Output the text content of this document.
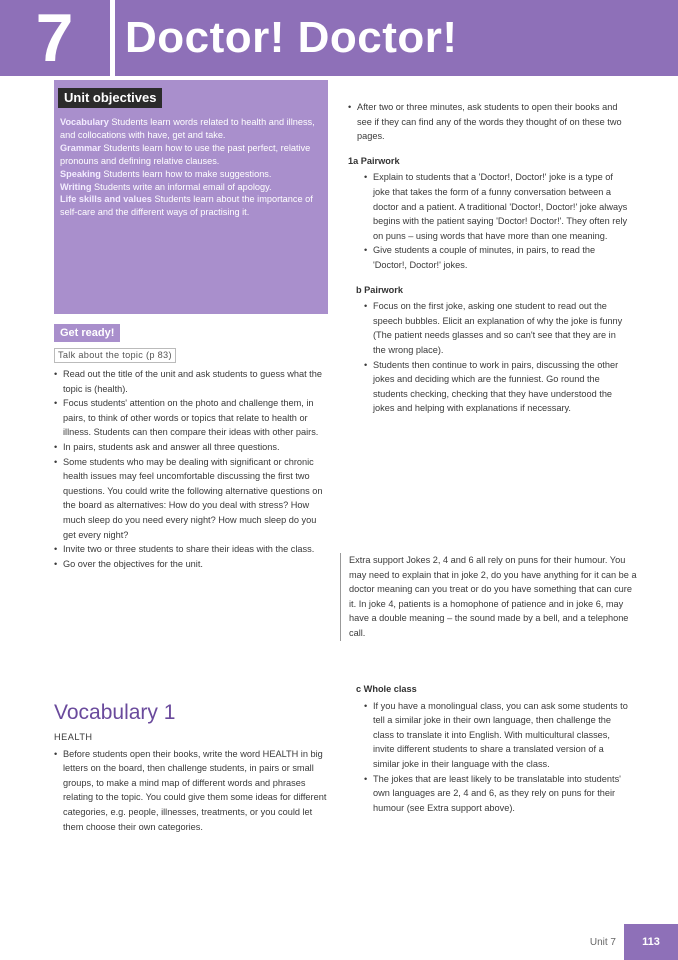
7	Doctor! Doctor!
Unit objectives

Vocabulary Students learn words related to health and illness, and collocations with have, get and take.

Grammar Students learn how to use the past perfect, relative pronouns and defining relative clauses.

Speaking Students learn how to make suggestions.

Writing Students write an informal email of apology.

Life skills and values Students learn about the importance of self-care and the different ways of practising it.

Get ready!

Talk about the topic (p 83)

• Read out the title of the unit and ask students to guess what the topic is (health).

• Focus students' attention on the photo and challenge them, in pairs, to think of other words or topics that relate to health or illness. Students can then compare their ideas with other pairs.

• In pairs, students ask and answer all three questions.

• Some students who may be dealing with significant or chronic health issues may feel uncomfortable discussing the first two questions. You could write the following alternative questions on the board as alternatives: How do you deal with stress? How much sleep do you need every night? How much sleep do you get every night?

• Invite two or three students to share their ideas with the class.

• Go over the objectives for the unit.

Vocabulary 1

HEALTH

• Before students open their books, write the word HEALTH in big letters on the board, then challenge students, in pairs or small groups, to make a mind map of different words and phrases relating to the topic. You could give them some ideas for different categories, e.g. people, illnesses, treatments, or you could let them choose their own categories.

• After two or three minutes, ask students to open their books and see if they can find any of the words they thought of on these two pages.

1a Pairwork

• Explain to students that a 'Doctor!, Doctor!' joke is a type of joke that takes the form of a funny conversation between a doctor and a patient. A traditional 'Doctor!, Doctor!' joke always begins with the patient saying 'Doctor! Doctor!'. They often rely on puns – using words that have more than one meaning.

• Give students a couple of minutes, in pairs, to read the 'Doctor!, Doctor!' jokes.

b Pairwork

• Focus on the first joke, asking one student to read out the speech bubbles. Elicit an explanation of why the joke is funny (The patient needs glasses and so can't see that they are in the wrong place).

• Students then continue to work in pairs, discussing the other jokes and deciding which are the funniest. Go round the students checking, checking that they have understood the jokes and helping with explanations if necessary.

Extra support Jokes 2, 4 and 6 all rely on puns for their humour. You may need to explain that in joke 2, do you have anything for it can be a doctor meaning can you treat or do you have something that can cure it. In joke 4, patients is a homophone of patience and in joke 6, may have a double meaning – the sound made by a bell, and a telephone call.

c Whole class

• If you have a monolingual class, you can ask some students to tell a similar joke in their own language, then challenge the class to translate it into English. With multicultural classes, invite different students to share a translated version of a similar joke in their language with the class.

• The jokes that are least likely to be translatable into students' own languages are 2, 4 and 6, as they rely on puns for their humour (see Extra support above).

Unit 7	113
